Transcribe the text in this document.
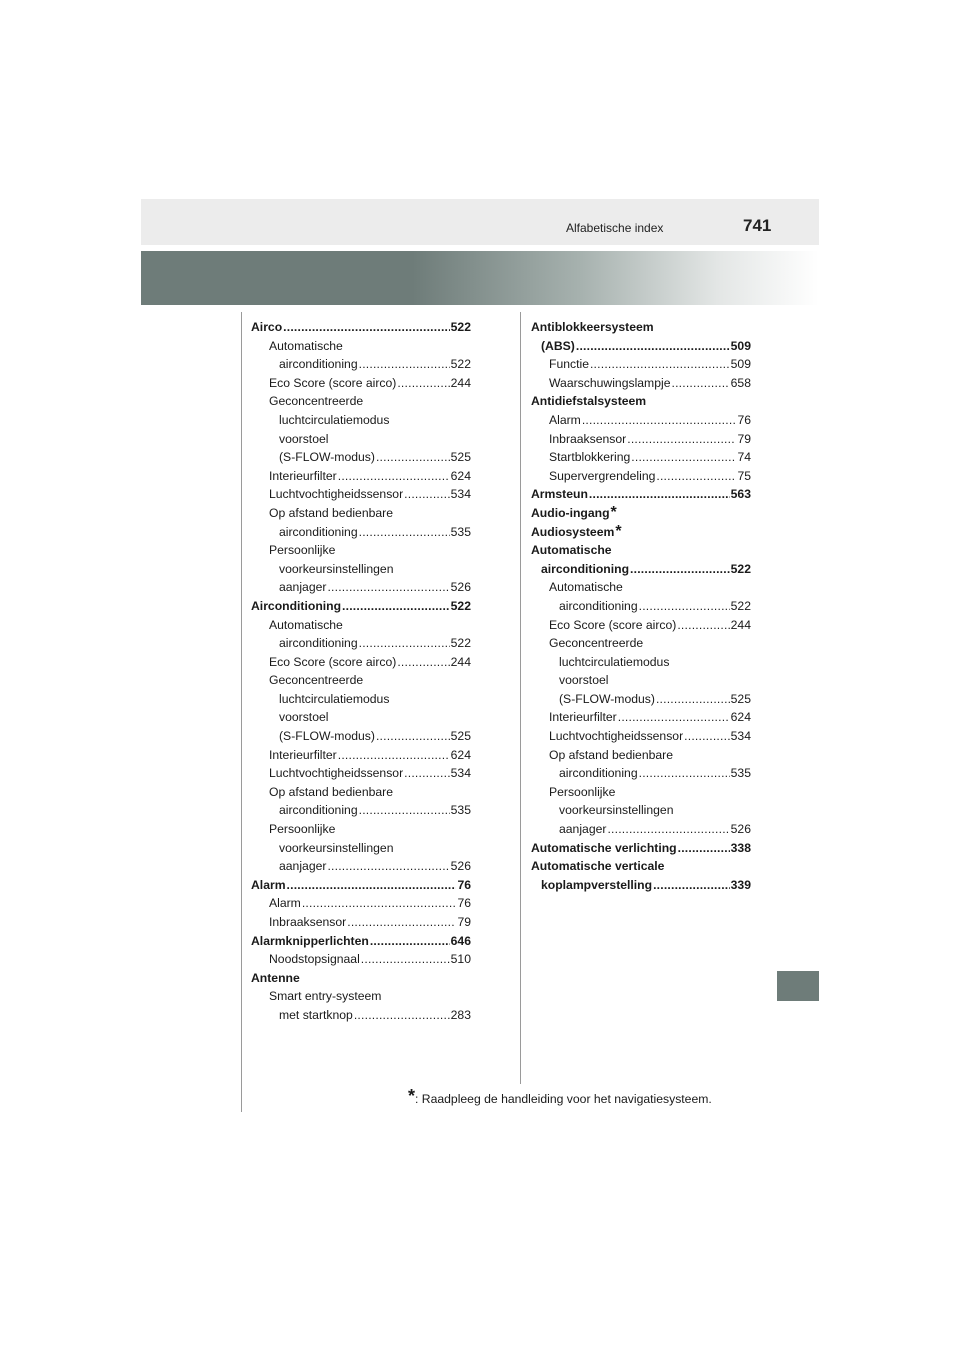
Alfabetische index	741
Airco .....	522
Automatische
airconditioning .....	522
Eco Score (score airco) .....	244
Geconcentreerde
luchtcirculatiemodus
voorstoel
(S-FLOW-modus) .....	525
Interieurfilter .....	624
Luchtvochtigheidssensor .....	534
Op afstand bedienbare
airconditioning .....	535
Persoonlijke
voorkeursinstellingen
aanjager .....	526
Airconditioning .....	522
Automatische
airconditioning .....	522
Eco Score (score airco) .....	244
Geconcentreerde
luchtcirculatiemodus
voorstoel
(S-FLOW-modus) .....	525
Interieurfilter .....	624
Luchtvochtigheidssensor .....	534
Op afstand bedienbare
airconditioning .....	535
Persoonlijke
voorkeursinstellingen
aanjager .....	526
Alarm .....	76
Alarm .....	76
Inbraaksensor .....	79
Alarmknipperlichten .....	646
Noodstopsignaal .....	510
Antenne
Smart entry-systeem
met startknop .....	283
Antiblokkeersysteem
(ABS) .....	509
Functie .....	509
Waarschuwingslampje .....	658
Antidiefstalsysteem
Alarm .....	76
Inbraaksensor .....	79
Startblokkering .....	74
Supervergrendeling .....	75
Armsteun .....	563
Audio-ingang *
Audiosysteem *
Automatische
airconditioning .....	522
Automatische
airconditioning .....	522
Eco Score (score airco) .....	244
Geconcentreerde
luchtcirculatiemodus
voorstoel
(S-FLOW-modus) .....	525
Interieurfilter .....	624
Luchtvochtigheidssensor .....	534
Op afstand bedienbare
airconditioning .....	535
Persoonlijke
voorkeursinstellingen
aanjager .....	526
Automatische verlichting .....	338
Automatische verticale
koplampverstelling .....	339
*: Raadpleeg de handleiding voor het navigatiesysteem.
